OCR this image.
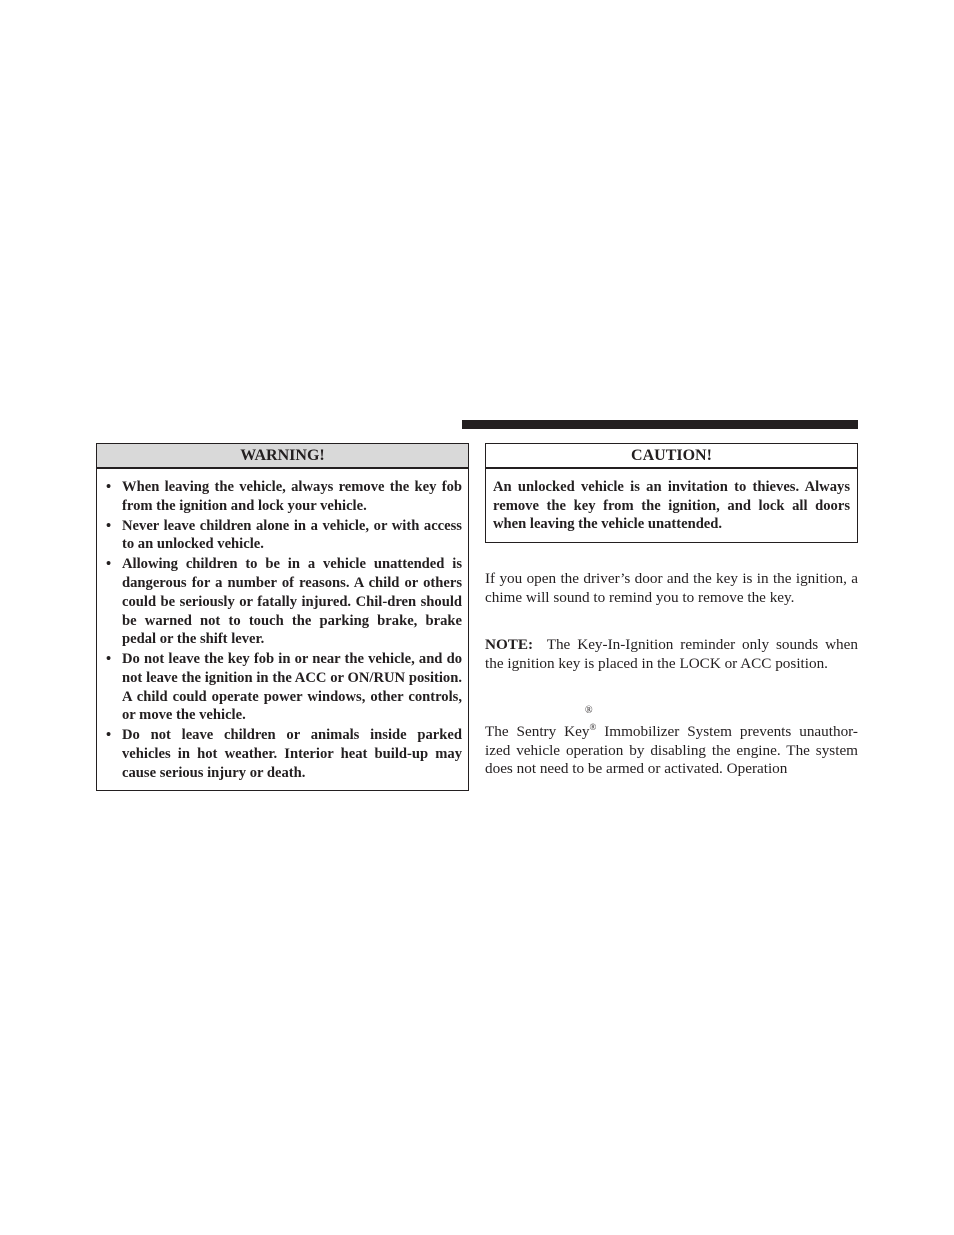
WARNING!
• When leaving the vehicle, always remove the key fob from the ignition and lock your vehicle.
• Never leave children alone in a vehicle, or with access to an unlocked vehicle.
• Allowing children to be in a vehicle unattended is dangerous for a number of reasons. A child or others could be seriously or fatally injured. Chil-dren should be warned not to touch the parking brake, brake pedal or the shift lever.
• Do not leave the key fob in or near the vehicle, and do not leave the ignition in the ACC or ON/RUN position. A child could operate power windows, other controls, or move the vehicle.
• Do not leave children or animals inside parked vehicles in hot weather. Interior heat build-up may cause serious injury or death.
CAUTION!
An unlocked vehicle is an invitation to thieves. Always remove the key from the ignition, and lock all doors when leaving the vehicle unattended.

If you open the driver’s door and the key is in the ignition, a chime will sound to remind you to remove the key.

NOTE: The Key-In-Ignition reminder only sounds when the ignition key is placed in the LOCK or ACC position.

®

The Sentry Key® Immobilizer System prevents unauthor-ized vehicle operation by disabling the engine. The system does not need to be armed or activated. Operation
